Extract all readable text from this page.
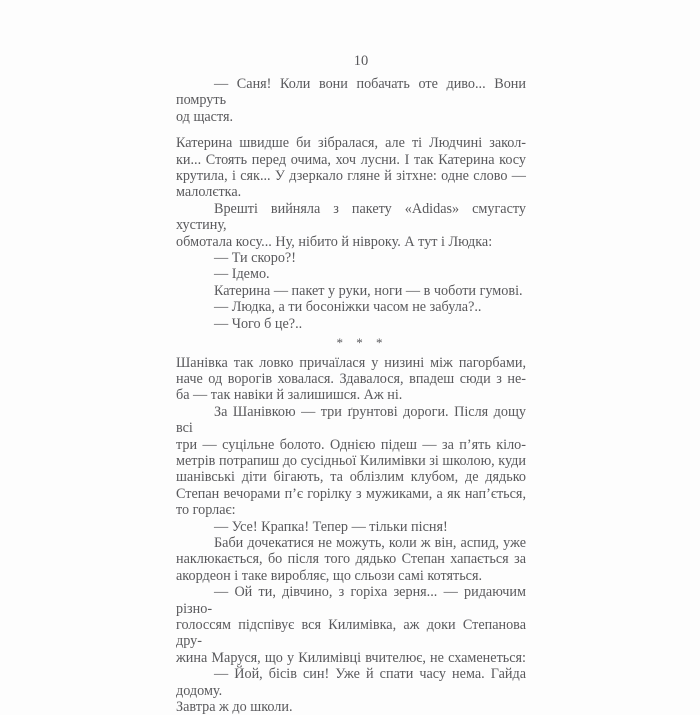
10
— Саня! Коли вони побачать оте диво... Вони помруть
од щастя.
Катерина швидше би зібралася, але ті Людчині закол-
ки... Стоять перед очима, хоч лусни. І так Катерина косу
крутила, і сяк... У дзеркало гляне й зітхне: одне слово —
малолєтка.
Врешті вийняла з пакету «Adidas» смугасту хустину,
обмотала косу... Ну, нібито й нівроку. А тут і Людка:
— Ти скоро?!
— Ідемо.
Катерина — пакет у руки, ноги — в чоботи гумові.
— Людка, а ти босоніжки часом не забула?..
— Чого б це?..
* * *
Шанівка так ловко причаїлася у низині між пагорбами,
наче од ворогів ховалася. Здавалося, впадеш сюди з не-
ба — так навіки й залишишся. Аж ні.
За Шанівкою — три ґрунтові дороги. Після дощу всі
три — суцільне болото. Однією підеш — за п’ять кіло-
метрів потрапиш до сусідньої Килимівки зі школою, куди
шанівські діти бігають, та облізлим клубом, де дядько
Степан вечорами п’є горілку з мужиками, а як нап’ється,
то горлає:
— Усе! Крапка! Тепер — тільки пісня!
Баби дочекатися не можуть, коли ж він, аспид, уже
наклюкається, бо після того дядько Степан хапається за
акордеон і таке виробляє, що сльози самі котяться.
— Ой ти, дівчино, з горіха зерня... — ридаючим різно-
голоссям підспівує вся Килимівка, аж доки Степанова дру-
жина Маруся, що у Килимівці вчителює, не схаменеться:
— Йой, бісів син! Уже й спати часу нема. Гайда додому.
Завтра ж до школи.
